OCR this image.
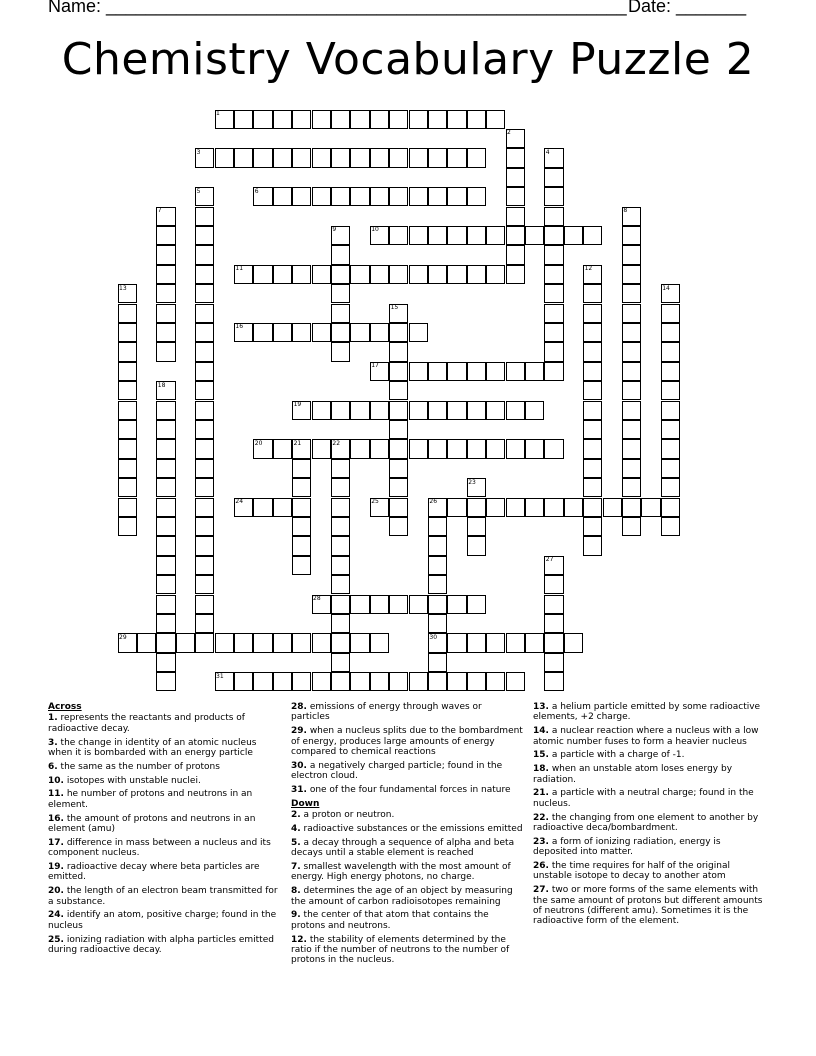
Name: ____________________________________________________ Date: _______
Chemistry Vocabulary Puzzle 2
1
3
6
10
11
16
17
19
20
24	25	26
28
29	30
31
2
4
5
7	8
9
12
13	14
15
18
21	22
23
27
Across
1. represents the reactants and products of radioactive decay.
3. the change in identity of an atomic nucleus when it is bombarded with an energy particle
6. the same as the number of protons
10. isotopes with unstable nuclei.
11. he number of protons and neutrons in an element.
16. the amount of protons and neutrons in an element (amu)
17. difference in mass between a nucleus and its component nucleus.
19. radioactive decay where beta particles are emitted.
20. the length of an electron beam transmitted for a substance.
24. identify an atom, positive charge; found in the nucleus
25. ionizing radiation with alpha particles emitted during radioactive decay.
28. emissions of energy through waves or particles
29. when a nucleus splits due to the bombardment of energy, produces large amounts of energy compared to chemical reactions
30. a negatively charged particle; found in the electron cloud.
31. one of the four fundamental forces in nature
Down
2. a proton or neutron.
4. radioactive substances or the emissions emitted
5. a decay through a sequence of alpha and beta decays until a stable element is reached
7. smallest wavelength with the most amount of energy. High energy photons, no charge.
8. determines the age of an object by measuring the amount of carbon radioisotopes remaining
9. the center of that atom that contains the protons and neutrons.
12. the stability of elements determined by the ratio if the number of neutrons to the number of protons in the nucleus.
13. a helium particle emitted by some radioactive elements, +2 charge.
14. a nuclear reaction where a nucleus with a low atomic number fuses to form a heavier nucleus
15. a particle with a charge of -1.
18. when an unstable atom loses energy by radiation.
21. a particle with a neutral charge; found in the nucleus.
22. the changing from one element to another by radioactive deca/bombardment.
23. a form of ionizing radiation, energy is deposited into matter.
26. the time requires for half of the original unstable isotope to decay to another atom
27. two or more forms of the same elements with the same amount of protons but different amounts of neutrons (different amu). Sometimes it is the radioactive form of the element.
